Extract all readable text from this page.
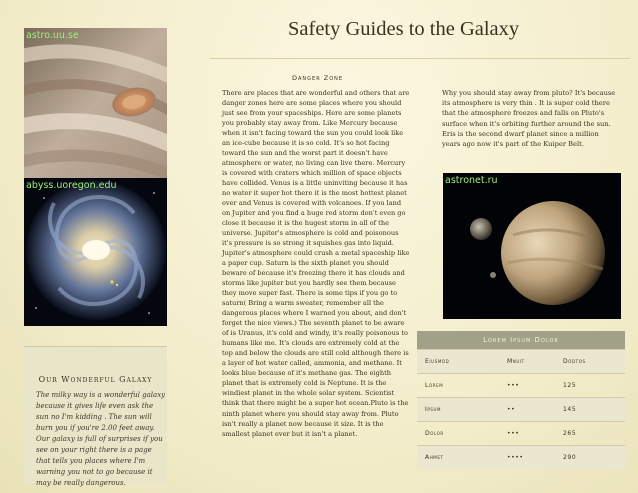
astro.uu.se
abyss.uoregon.edu
Our Wonderful Galaxy
The milky way is a wonderful galaxy because it gives life even ask the sun no I'm kidding . The sun will burn you if you're 2.00 feet away. Our galaxy is full of surprises if you see on your right there is a page that tells you places where I'm warning you not to go because it may be really dangerous.
Safety Guides to the Galaxy
Danger Zone
There are places that are wonderful and others that are danger zones here are some places where you should just see from your spaceships. Here are some planets you probably stay away from. Like Mercury because when it isn't facing toward the sun you could look like an ice-cube because it is so cold. It's so hot facing toward the sun and the worst part it doesn't have atmosphere or water, no living can live there. Mercury is covered with craters which million of space objects have collided. Venus is a little uninviting because it has no water it super hot there it is the most hottest planet ever and Venus is covered with volcanoes. If you land on Jupiter and you find a huge red storm don't even go close it because it is the hugest storm in all of the universe. Jupiter's atmosphere is cold and poisonous it's pressure is so strong it squishes gas into liquid. Jupiter's atmosphere could crush a metal spaceship like a paper cup. Saturn is the sixth planet you should beware of because it's freezing there it has clouds and storms like jupiter but you hardly see them because they move super fast. There is some tips if you go to saturn( Bring a warm sweater, remember all the dangerous places where I warned you about, and don't forget the nice views.) The seventh planet to be aware of is Uranus, it's cold and windy, it's really poisonous to humans like me. It's clouds are extremely cold at the top and below the clouds are still cold although there is a layer of hot water called, ammonia, and methane. It looks blue because of it's methane gas. The eighth planet that is extremely cold is Neptune. It is the windiest planet in the whole solar system. Scientist think that there might be a super hot ocean.Pluto is the ninth planet where you should stay away from. Pluto isn't really a planet now because it size. It is the smallest planet ever but it isn't a planet.
Why you should stay away from pluto? It's because its atmosphere is very thin . It is super cold there that the atmosphere freezes and falls on Pluto's surface when it's orbiting further around the sun. Eris is the second dwarf planet since a million years ago now it's part of the Kuiper Belt.
astronet.ru
Lorem Ipsum Dolor
Eiusmod	Mnuit	Dodtos
Lorem	•••	125
Ipsum	••	145
Dolor	•••	265
Ahmet	••••	290
